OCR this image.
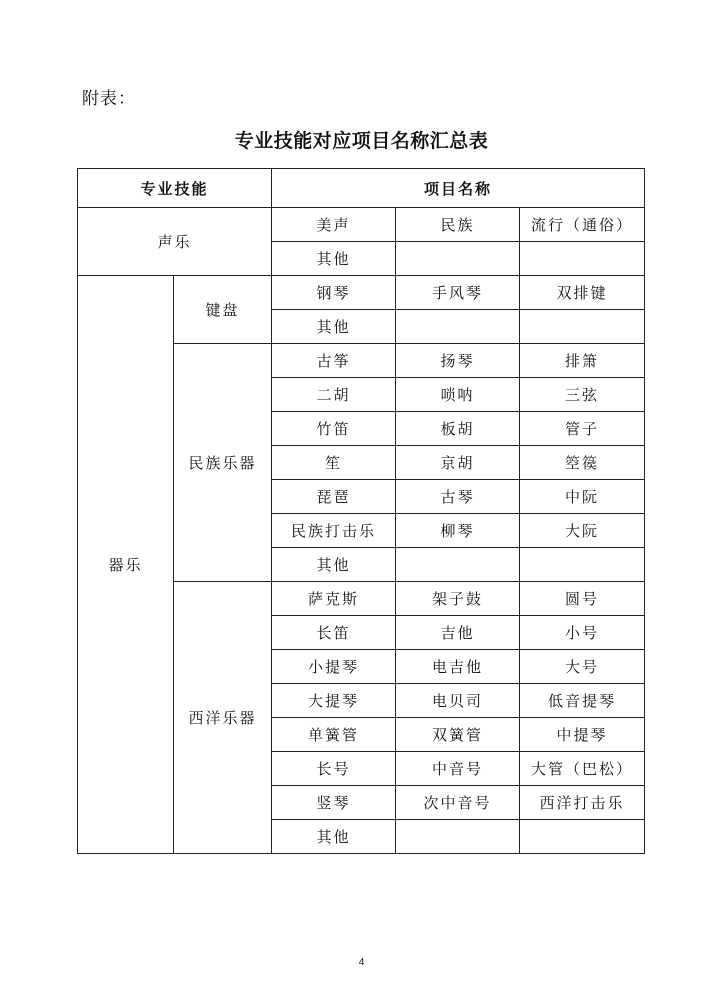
附表：
专业技能对应项目名称汇总表
专业技能		项目名称		
声乐		美声	民族	流行（通俗）
		其他		
器乐	键盘	钢琴	手风琴	双排键
		其他		
	民族乐器	古筝	扬琴	排箫
		二胡	唢呐	三弦
		竹笛	板胡	管子
		笙	京胡	箜篌
		琵琶	古琴	中阮
		民族打击乐	柳琴	大阮
		其他		
	西洋乐器	萨克斯	架子鼓	圆号
		长笛	吉他	小号
		小提琴	电吉他	大号
		大提琴	电贝司	低音提琴
		单簧管	双簧管	中提琴
		长号	中音号	大管（巴松）
		竖琴	次中音号	西洋打击乐
		其他		
4
